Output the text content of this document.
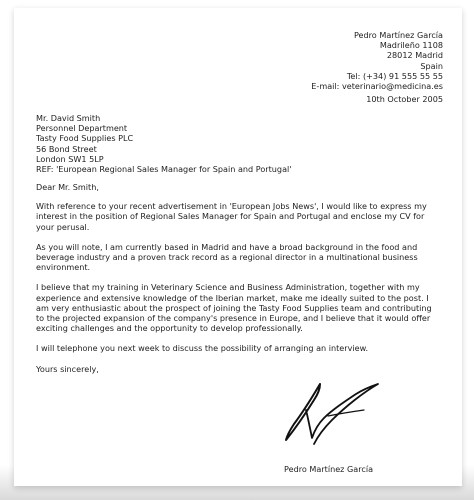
Pedro Martínez García
Madrileño 1108
28012 Madrid
Spain
Tel: (+34) 91 555 55 55
E-mail: veterinario@medicina.es
10th October 2005
Mr. David Smith
Personnel Department
Tasty Food Supplies PLC
56 Bond Street
London SW1 5LP
REF: 'European Regional Sales Manager for Spain and Portugal'

Dear Mr. Smith,

With reference to your recent advertisement in 'European Jobs News', I would like to express my interest in the position of Regional Sales Manager for Spain and Portugal and enclose my CV for your perusal.

As you will note, I am currently based in Madrid and have a broad background in the food and beverage industry and a proven track record as a regional director in a multinational business environment.

I believe that my training in Veterinary Science and Business Administration, together with my experience and extensive knowledge of the Iberian market, make me ideally suited to the post. I am very enthusiastic about the prospect of joining the Tasty Food Supplies team and contributing to the projected expansion of the company's presence in Europe, and I believe that it would offer exciting challenges and the opportunity to develop professionally.

I will telephone you next week to discuss the possibility of arranging an interview.

Yours sincerely,

Pedro Martínez García
